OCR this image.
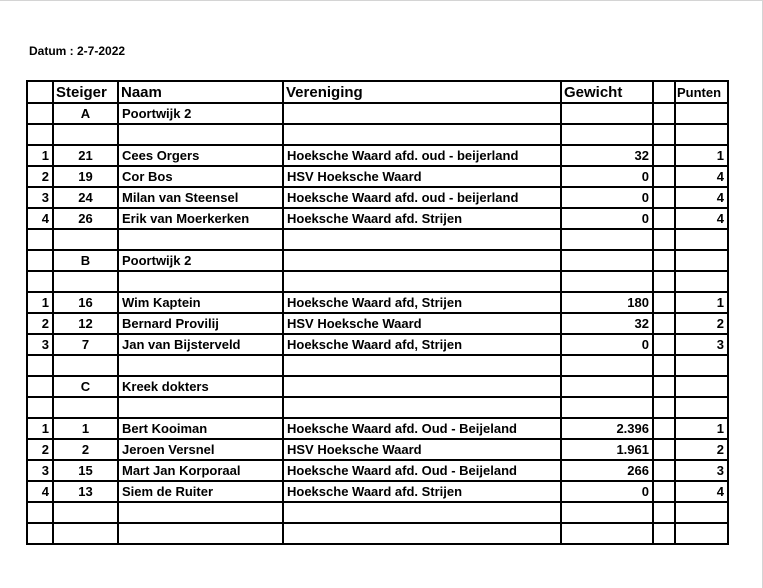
Datum : 2-7-2022
	Steiger	Naam	Vereniging	Gewicht		Punten
	A	Poortwijk 2				

1	21	Cees Orgers	Hoeksche Waard afd. oud - beijerland	32		1
2	19	Cor Bos	HSV Hoeksche Waard	0		4
3	24	Milan van Steensel	Hoeksche Waard afd. oud - beijerland	0		4
4	26	Erik van Moerkerken	Hoeksche Waard afd. Strijen	0		4

	B	Poortwijk 2				

1	16	Wim Kaptein	Hoeksche Waard afd, Strijen	180		1
2	12	Bernard Provilij	HSV Hoeksche Waard	32		2
3	7	Jan van Bijsterveld	Hoeksche Waard afd, Strijen	0		3

	C	Kreek dokters				

1	1	Bert Kooiman	Hoeksche Waard afd. Oud - Beijeland	2.396		1
2	2	Jeroen Versnel	HSV Hoeksche Waard	1.961		2
3	15	Mart Jan Korporaal	Hoeksche Waard afd. Oud - Beijeland	266		3
4	13	Siem de Ruiter	Hoeksche Waard afd. Strijen	0		4
